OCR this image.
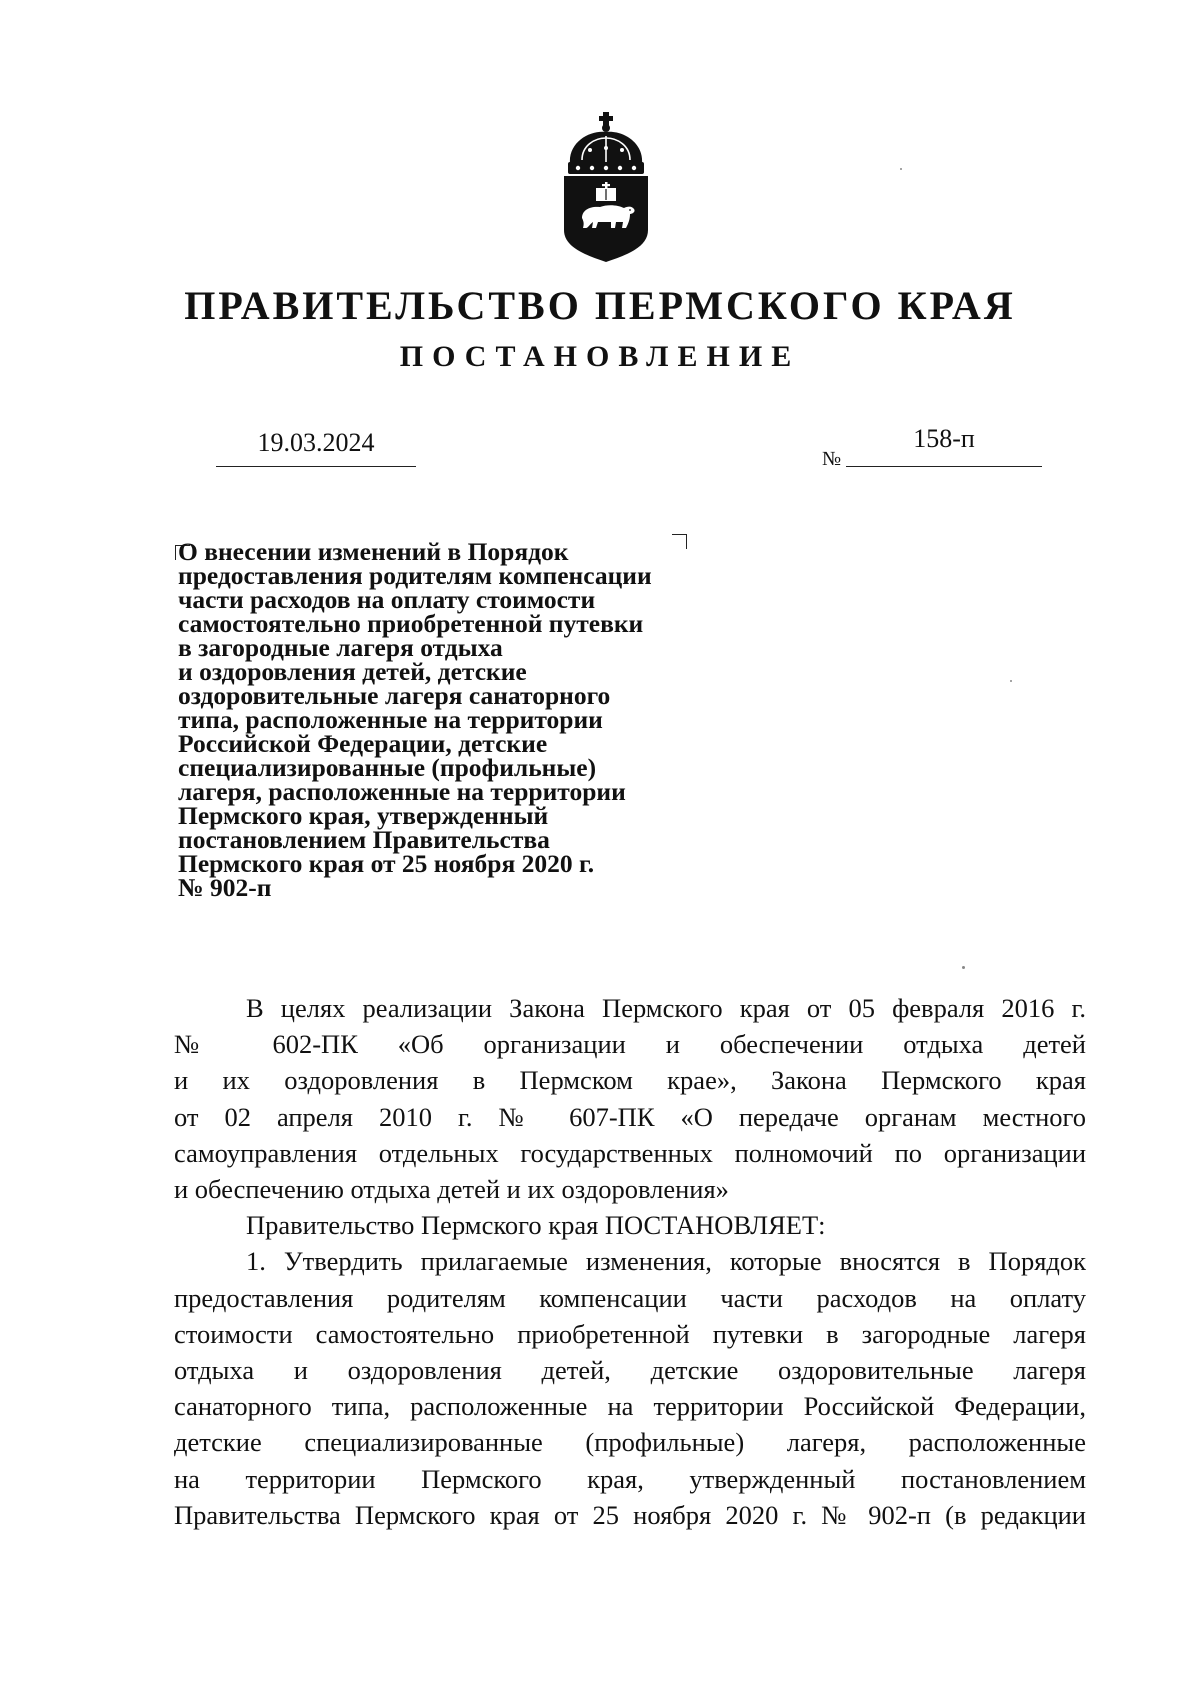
ПРАВИТЕЛЬСТВО ПЕРМСКОГО КРАЯ
ПОСТАНОВЛЕНИЕ
19.03.2024
№
158-п
О внесении изменений в Порядок
предоставления родителям компенсации
части расходов на оплату стоимости
самостоятельно приобретенной путевки
в загородные лагеря отдыха
и оздоровления детей, детские
оздоровительные лагеря санаторного
типа, расположенные на территории
Российской Федерации, детские
специализированные (профильные)
лагеря, расположенные на территории
Пермского края, утвержденный
постановлением Правительства
Пермского края от 25 ноября 2020 г.
№ 902-п

В целях реализации Закона Пермского края от 05 февраля 2016 г.
№ 602-ПК «Об организации и обеспечении отдыха детей
и их оздоровления в Пермском крае», Закона Пермского края
от 02 апреля 2010 г. № 607-ПК «О передаче органам местного
самоуправления отдельных государственных полномочий по организации
и обеспечению отдыха детей и их оздоровления»

Правительство Пермского края ПОСТАНОВЛЯЕТ:

1. Утвердить прилагаемые изменения, которые вносятся в Порядок
предоставления родителям компенсации части расходов на оплату
стоимости самостоятельно приобретенной путевки в загородные лагеря
отдыха и оздоровления детей, детские оздоровительные лагеря
санаторного типа, расположенные на территории Российской Федерации,
детские специализированные (профильные) лагеря, расположенные
на территории Пермского края, утвержденный постановлением
Правительства Пермского края от 25 ноября 2020 г. № 902-п (в редакции
